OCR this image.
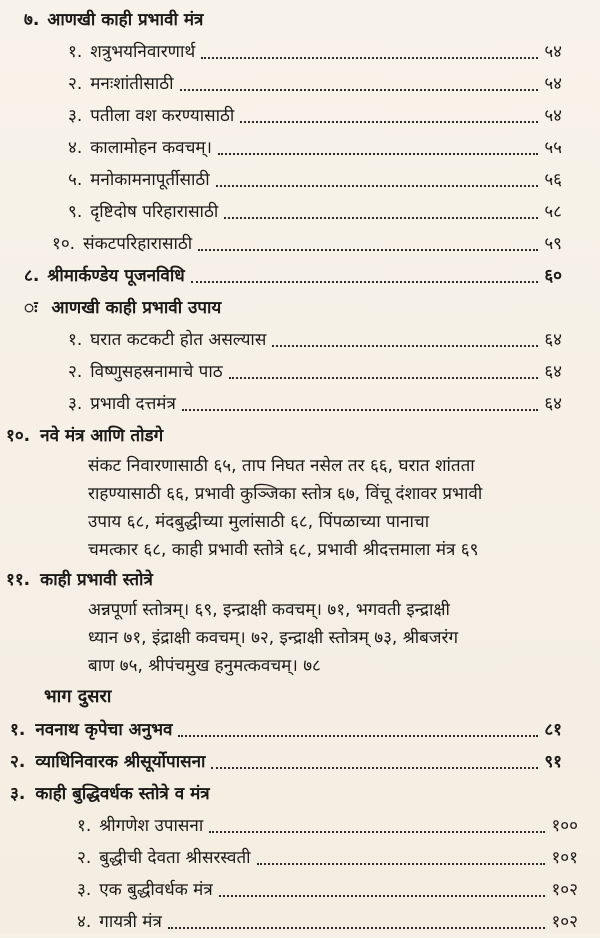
७. आणखी काही प्रभावी मंत्र
१. शत्रुभयनिवारणार्थ	५४
२. मनःशांतीसाठी	५४
३. पतीला वश करण्यासाठी	५४
४. कालामोहन कवचम्।	५५
५. मनोकामनापूर्तीसाठी	५६
९. दृष्टिदोष परिहारासाठी	५८
१०. संकटपरिहारासाठी	५९
८. श्रीमार्कण्डेय पूजनविधि	६०
ः आणखी काही प्रभावी उपाय
१. घरात कटकटी होत असल्यास	६४
२. विष्णुसहस्रनामाचे पाठ	६४
३. प्रभावी दत्तमंत्र	६४
१०. नवे मंत्र आणि तोडगे

संकट निवारणासाठी ६५, ताप निघत नसेल तर ६६, घरात शांतता

राहण्यासाठी ६६, प्रभावी कुञ्जिका स्तोत्र ६७, विंचू दंशावर प्रभावी

उपाय ६८, मंदबुद्धीच्या मुलांसाठी ६८, पिंपळाच्या पानाचा

चमत्कार ६८, काही प्रभावी स्तोत्रे ६८, प्रभावी श्रीदत्तमाला मंत्र ६९

११. काही प्रभावी स्तोत्रे

अन्नपूर्णा स्तोत्रम्। ६९, इन्द्राक्षी कवचम्। ७१, भगवती इन्द्राक्षी

ध्यान ७१, इंद्राक्षी कवचम्। ७२, इन्द्राक्षी स्तोत्रम् ७३, श्रीबजरंग

बाण ७५, श्रीपंचमुख हनुमत्कवचम्। ७८

भाग दुसरा
१. नवनाथ कृपेचा अनुभव	८१
२. व्याधिनिवारक श्रीसूर्योपासना	९१
३. काही बुद्धिवर्धक स्तोत्रे व मंत्र
१. श्रीगणेश उपासना	१००
२. बुद्धीची देवता श्रीसरस्वती	१०१
३. एक बुद्धीवर्धक मंत्र	१०२
४. गायत्री मंत्र	१०२
